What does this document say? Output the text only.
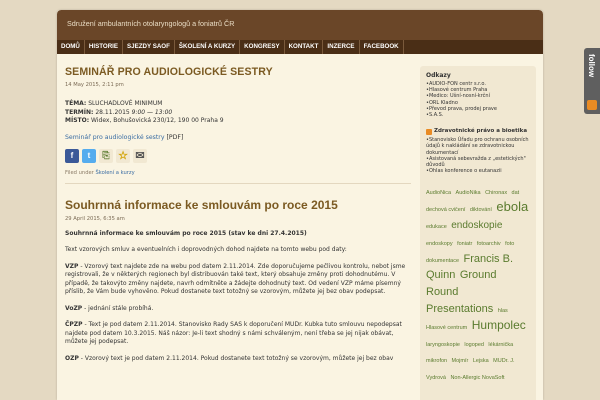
Sdružení ambulantních otolaryngologů a foniatrů ČR
DOMŮ	HISTORIE	SJEZDY SAOF	ŠKOLENÍ A KURZY	KONGRESY	KONTAKT	INZERCE	FACEBOOK
SEMINÁŘ PRO AUDIOLOGICKÉ SESTRY
14 May 2015, 2:11 pm
TÉMA: SLUCHADLOVÉ MINIMUM
TERMÍN: 28.11.2015 9:00 — 13:00
MÍSTO: Widex, Bohušovická 230/12, 190 00 Praha 9
Seminář pro audiologické sestry [PDF]
f	t	⎘ ☆ ✉
Filed under Školení a kurzy
Souhrnná informace ke smlouvám po roce 2015
29 April 2015, 6:35 am
Souhrnná informace ke smlouvám po roce 2015 (stav ke dni 27.4.2015)
Text vzorových smluv a eventuelních i doprovodných dohod najdete na tomto webu pod daty:
VZP - Vzorový text najdete zde na webu pod datem 2.11.2014. Zde doporučujeme pečlivou kontrolu, nebot jsme registrovali, že v některých regionech byl distribuován také text, který obsahuje změny proti dohodnutému. V případě, že takovýto změny najdete, navrh odmítněte a žádejte dohodnutý text. Od vedení VZP máme písemný příslib, že Vám bude vyhověno. Pokud dostanete text totožný se vzorovým, můžete jej bez obav podepsat.
VoZP - jednání stále probíhá.
ČPZP - Text je pod datem 2.11.2014. Stanovisko Rady SAS k doporučení MUDr. Kubka tuto smlouvu nepodepsat najdete pod datem 10.3.2015. Náš názor: Je-li text shodný s námi schváleným, není třeba se jej nijak obávat, můžete jej podepsat.
OZP - Vzorový text je pod datem 2.11.2014. Pokud dostanete text totožný se vzorovým, můžete jej bez obav
Odkazy
• AUDIO-FON centr s.r.o.
• Hlasové centrum Praha
• Medico: Ušní-nosní-krční
• ORL Kladno
• Převod prava, prodej prave
• S.A.S.
Zdravotnické právo a bioetika
• Stanovisko Úřadu pro ochranu osobních údajů k nakládání se zdravotnickou dokumentací
• Asistovaná sebevražda z „estetických" důvodů
• Ohlas konference o eutanazii
AudioNica AudioNika Chironax dat dechová cvičení diktování ebola edukace endoskopie endoskopy foniatr fotoarchiv foto dokumentace Francis B. Quinn Ground Round Presentations hlas Hlasové centrum Humpolec laryngoskopie logoped lékárnička mikrofon Mojmír Lejska MUDr. J. Vydrová Non-Allergic NovaSoft
follow
